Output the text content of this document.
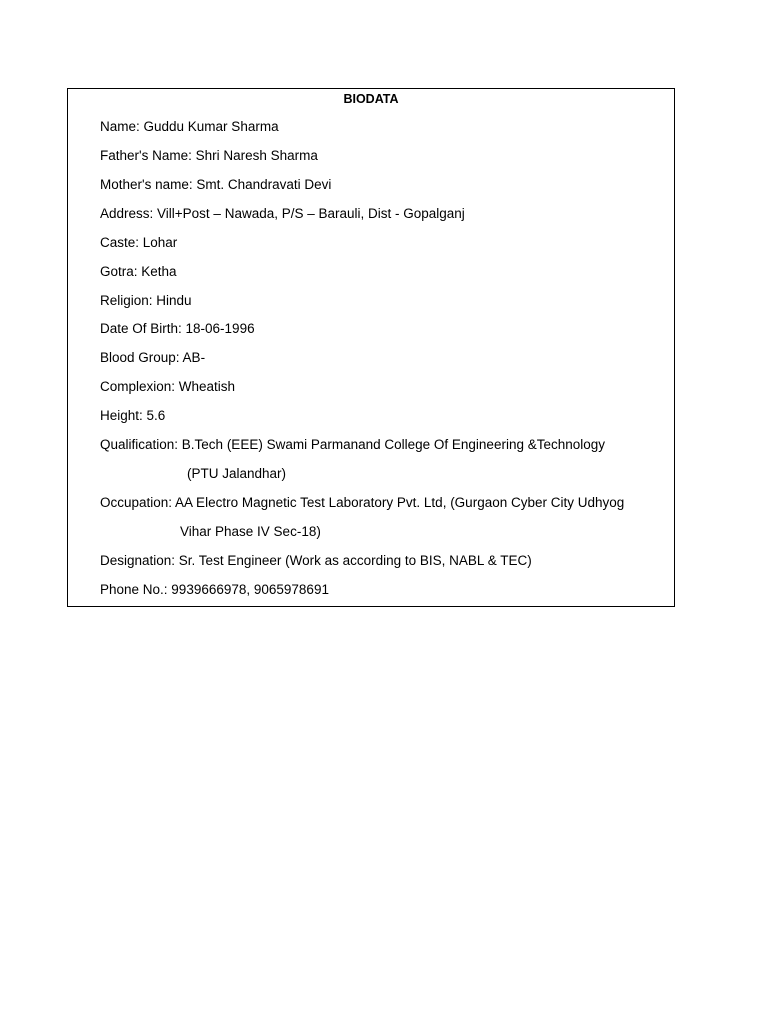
BIODATA
Name: Guddu Kumar Sharma
Father's Name: Shri Naresh Sharma
Mother's name: Smt. Chandravati Devi
Address: Vill+Post – Nawada, P/S – Barauli, Dist - Gopalganj
Caste: Lohar
Gotra: Ketha
Religion: Hindu
Date Of Birth: 18-06-1996
Blood Group: AB-
Complexion: Wheatish
Height: 5.6
Qualification: B.Tech (EEE) Swami Parmanand College Of Engineering &Technology
(PTU Jalandhar)
Occupation: AA Electro Magnetic Test Laboratory Pvt. Ltd, (Gurgaon Cyber City Udhyog
Vihar Phase IV Sec-18)
Designation: Sr. Test Engineer (Work as according to BIS, NABL & TEC)
Phone No.: 9939666978, 9065978691
